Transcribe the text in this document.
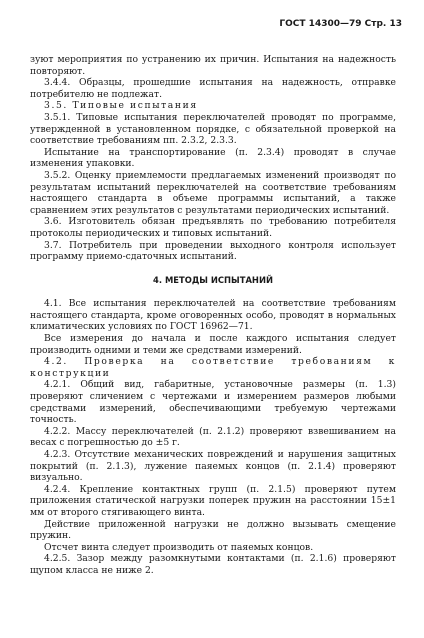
ГОСТ 14300—79 Стр. 13

зуют мероприятия по устранению их причин. Испытания на надежность повторяют.

3.4.4. Образцы, прошедшие испытания на надежность, отправке потребителю не подлежат.

3.5. Типовые испытания

3.5.1. Типовые испытания переключателей проводят по программе, утвержденной в установленном порядке, с обязательной проверкой на соответствие требованиям пп. 2.3.2, 2.3.3.

Испытание на транспортирование (п. 2.3.4) проводят в случае изменения упаковки.

3.5.2. Оценку приемлемости предлагаемых изменений производят по результатам испытаний переключателей на соответствие требованиям настоящего стандарта в объеме программы испытаний, а также сравнением этих результатов с результатами периодических испытаний.

3.6. Изготовитель обязан предъявлять по требованию потребителя протоколы периодических и типовых испытаний.

3.7. Потребитель при проведении выходного контроля использует программу приемо-сдаточных испытаний.

4. МЕТОДЫ ИСПЫТАНИЙ

4.1. Все испытания переключателей на соответствие требованиям настоящего стандарта, кроме оговоренных особо, проводят в нормальных климатических условиях по ГОСТ 16962—71.

Все измерения до начала и после каждого испытания следует производить одними и теми же средствами измерений.

4.2. Проверка на соответствие требованиям к конструкции

4.2.1. Общий вид, габаритные, установочные размеры (п. 1.3) проверяют сличением с чертежами и измерением размеров любыми средствами измерений, обеспечивающими требуемую чертежами точность.

4.2.2. Массу переключателей (п. 2.1.2) проверяют взвешиванием на весах с погрешностью до ±5 г.

4.2.3. Отсутствие механических повреждений и нарушения защитных покрытий (п. 2.1.3), лужение паяемых концов (п. 2.1.4) проверяют визуально.

4.2.4. Крепление контактных групп (п. 2.1.5) проверяют путем приложения статической нагрузки поперек пружин на расстоянии 15±1 мм от второго стягивающего винта.

Действие приложенной нагрузки не должно вызывать смещение пружин.

Отсчет винта следует производить от паяемых концов.

4.2.5. Зазор между разомкнутыми контактами (п. 2.1.6) проверяют щупом класса не ниже 2.
